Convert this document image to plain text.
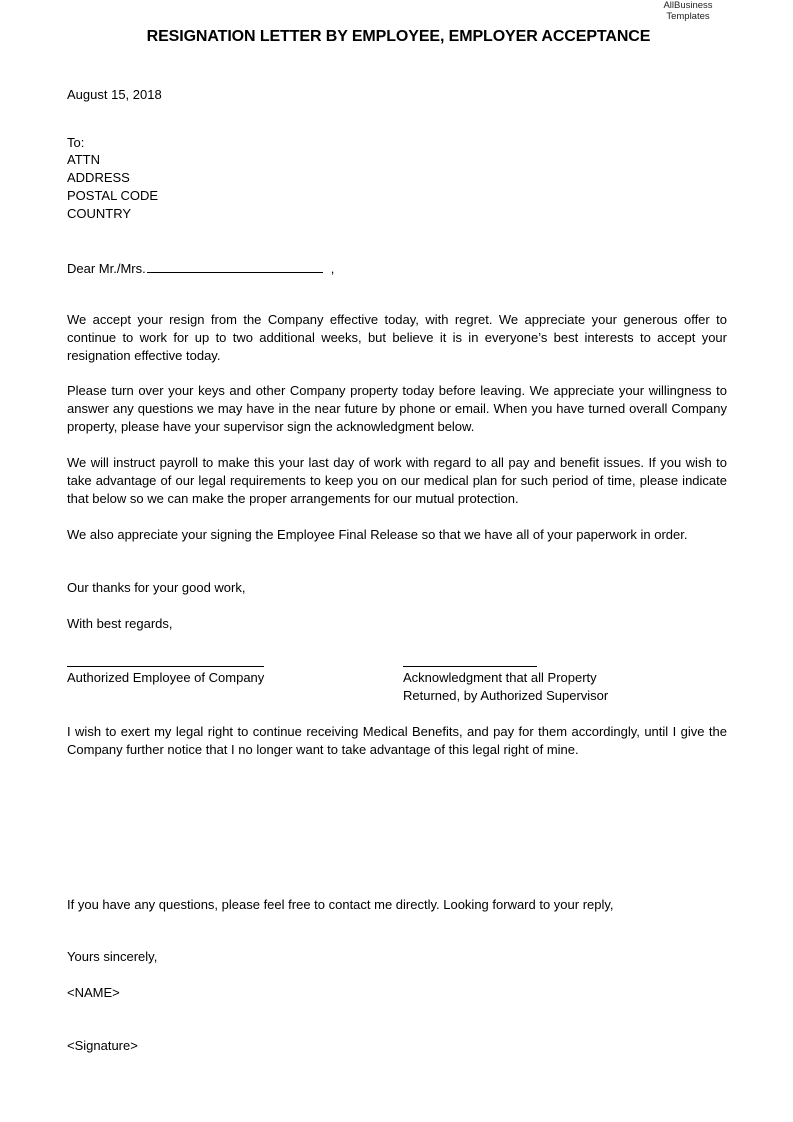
AllBusiness
Templates
RESIGNATION LETTER BY EMPLOYEE, EMPLOYER ACCEPTANCE
August 15, 2018
To:
ATTN
ADDRESS
POSTAL CODE
COUNTRY
Dear Mr./Mrs.	,
We accept your resign from the Company effective today, with regret. We appreciate your generous offer to continue to work for up to two additional weeks, but believe it is in everyone’s best interests to accept your resignation effective today.
Please turn over your keys and other Company property today before leaving. We appreciate your willingness to answer any questions we may have in the near future by phone or email. When you have turned overall Company property, please have your supervisor sign the acknowledgment below.
We will instruct payroll to make this your last day of work with regard to all pay and benefit issues. If you wish to take advantage of our legal requirements to keep you on our medical plan for such period of time, please indicate that below so we can make the proper arrangements for our mutual protection.
We also appreciate your signing the Employee Final Release so that we have all of your paperwork in order.
Our thanks for your good work,
With best regards,
Authorized Employee of Company	Acknowledgment that all Property
Returned, by Authorized Supervisor
I wish to exert my legal right to continue receiving Medical Benefits, and pay for them accordingly, until I give the Company further notice that I no longer want to take advantage of this legal right of mine.
If you have any questions, please feel free to contact me directly. Looking forward to your reply,
Yours sincerely,
<NAME>
<Signature>
